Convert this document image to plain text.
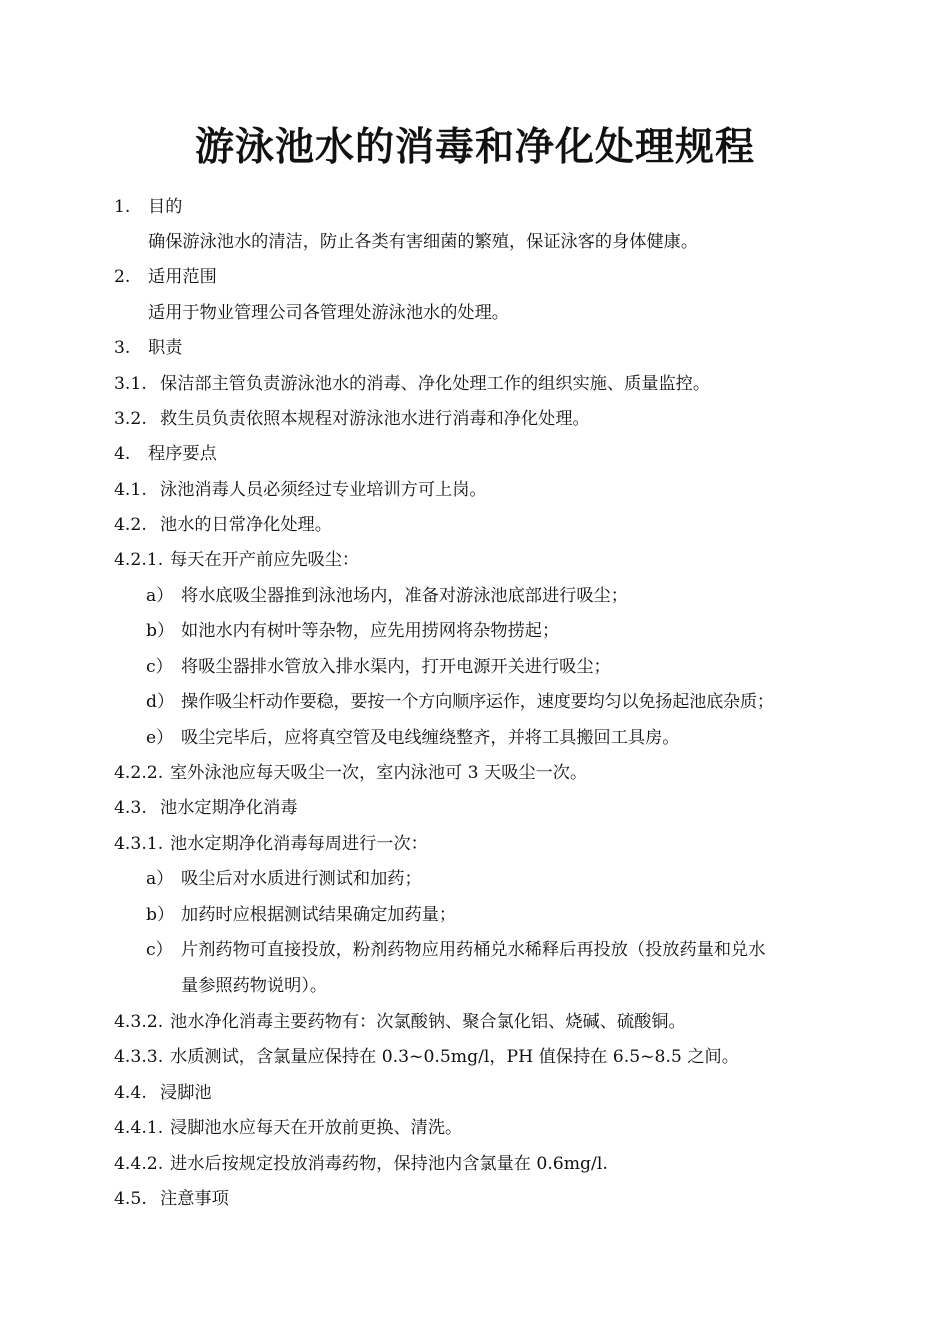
游泳池水的消毒和净化处理规程
1. 目的
确保游泳池水的清洁，防止各类有害细菌的繁殖，保证泳客的身体健康。
2. 适用范围
适用于物业管理公司各管理处游泳池水的处理。
3. 职责
3.1. 保洁部主管负责游泳池水的消毒、净化处理工作的组织实施、质量监控。
3.2. 救生员负责依照本规程对游泳池水进行消毒和净化处理。
4. 程序要点
4.1. 泳池消毒人员必须经过专业培训方可上岗。
4.2. 池水的日常净化处理。
4.2.1. 每天在开产前应先吸尘：
a） 将水底吸尘器推到泳池场内，准备对游泳池底部进行吸尘；
b） 如池水内有树叶等杂物，应先用捞网将杂物捞起；
c） 将吸尘器排水管放入排水渠内，打开电源开关进行吸尘；
d） 操作吸尘杆动作要稳，要按一个方向顺序运作，速度要均匀以免扬起池底杂质；
e） 吸尘完毕后，应将真空管及电线缠绕整齐，并将工具搬回工具房。
4.2.2. 室外泳池应每天吸尘一次，室内泳池可 3 天吸尘一次。
4.3. 池水定期净化消毒
4.3.1. 池水定期净化消毒每周进行一次：
a） 吸尘后对水质进行测试和加药；
b） 加药时应根据测试结果确定加药量；
c） 片剂药物可直接投放，粉剂药物应用药桶兑水稀释后再投放（投放药量和兑水
量参照药物说明）。
4.3.2. 池水净化消毒主要药物有：次氯酸钠、聚合氯化铝、烧碱、硫酸铜。
4.3.3. 水质测试，含氯量应保持在 0.3~0.5mg/l，PH 值保持在 6.5~8.5 之间。
4.4. 浸脚池
4.4.1. 浸脚池水应每天在开放前更换、清洗。
4.4.2. 进水后按规定投放消毒药物，保持池内含氯量在 0.6mg/l.
4.5. 注意事项
